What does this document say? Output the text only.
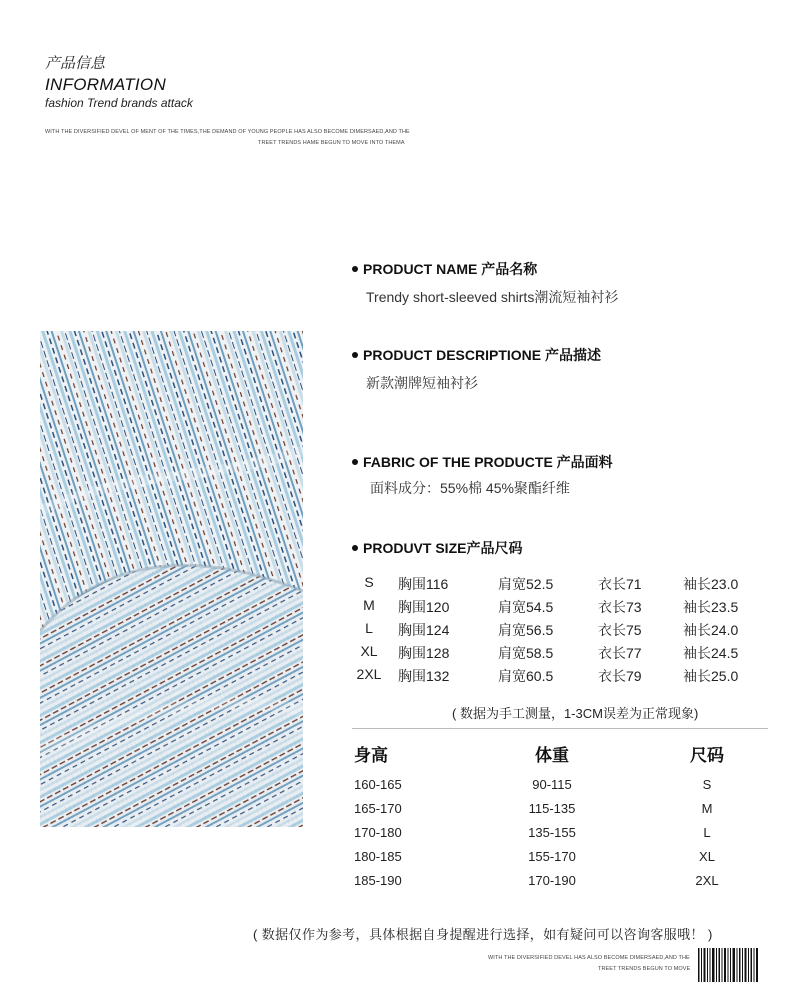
产品信息
INFORMATION
fashion Trend brands attack
WITH THE DIVERSIFIED DEVEL OF MENT OF THE TIMES,THE DEMAND OF YOUNG PEOPLE HAS ALSO BECOME DIMERSAED,AND THE
TREET TRENDS HAME BEGUN TO MOVE INTO THEMA
PRODUCT NAME 产品名称
Trendy short-sleeved shirts潮流短袖衬衫
PRODUCT DESCRIPTIONE 产品描述
新款潮牌短袖衬衫
FABRIC OF THE PRODUCTE 产品面料
面料成分：55%棉 45%聚酯纤维
PRODUVT SIZE产品尺码
S	胸围116	肩宽52.5	衣长71	袖长23.0
M	胸围120	肩宽54.5	衣长73	袖长23.5
L	胸围124	肩宽56.5	衣长75	袖长24.0
XL	胸围128	肩宽58.5	衣长77	袖长24.5
2XL	胸围132	肩宽60.5	衣长79	袖长25.0
( 数据为手工测量，1-3CM误差为正常现象)
身高	体重	尺码
160-165	90-115	S
165-170	115-135	M
170-180	135-155	L
180-185	155-170	XL
185-190	170-190	2XL
( 数据仅作为参考，具体根据自身提醒进行选择，如有疑问可以咨询客服哦！ )
WITH THE DIVERSIFIED DEVEL HAS ALSO BECOME DIMERSAED,AND THE
TREET TRENDS BEGUN TO MOVE
